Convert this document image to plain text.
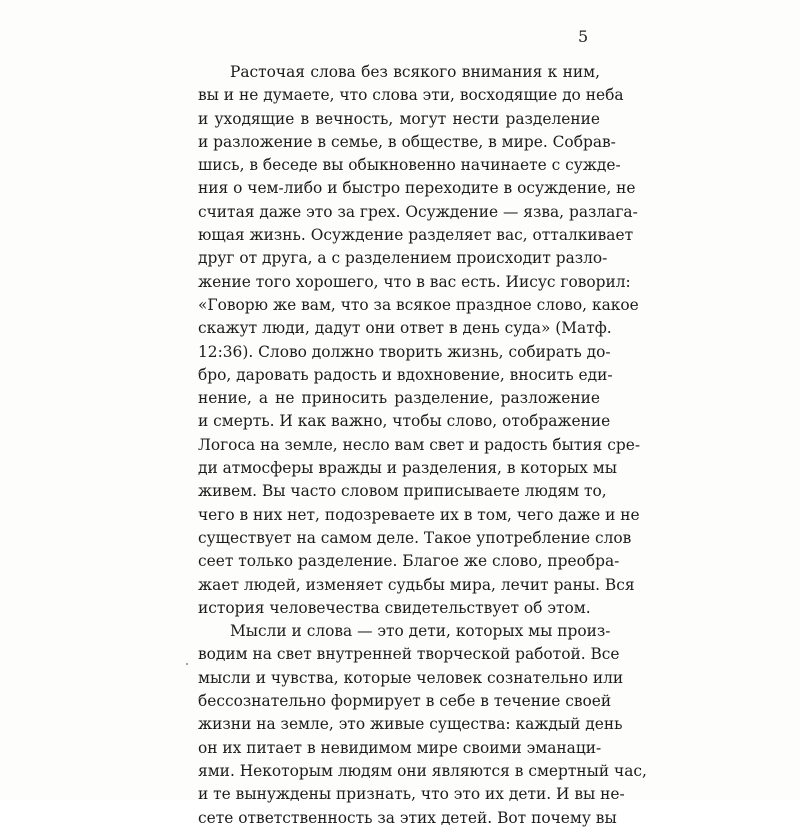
5
Расточая слова без всякого внимания к ним,
вы и не думаете, что слова эти, восходящие до неба
и уходящие в вечность, могут нести разделение
и разложение в семье, в обществе, в мире. Собрав-
шись, в беседе вы обыкновенно начинаете с сужде-
ния о чем-либо и быстро переходите в осуждение, не
считая даже это за грех. Осуждение — язва, разлага-
ющая жизнь. Осуждение разделяет вас, отталкивает
друг от друга, а с разделением происходит разло-
жение того хорошего, что в вас есть. Иисус говорил:
«Говорю же вам, что за всякое праздное слово, какое
скажут люди, дадут они ответ в день суда» (Матф.
12:36). Слово должно творить жизнь, собирать до-
бро, даровать радость и вдохновение, вносить еди-
нение, а не приносить разделение, разложение
и смерть. И как важно, чтобы слово, отображение
Логоса на земле, несло вам свет и радость бытия сре-
ди атмосферы вражды и разделения, в которых мы
живем. Вы часто словом приписываете людям то,
чего в них нет, подозреваете их в том, чего даже и не
существует на самом деле. Такое употребление слов
сеет только разделение. Благое же слово, преобра-
жает людей, изменяет судьбы мира, лечит раны. Вся
история человечества свидетельствует об этом.
Мысли и слова — это дети, которых мы произ-
водим на свет внутренней творческой работой. Все
мысли и чувства, которые человек сознательно или
бессознательно формирует в себе в течение своей
жизни на земле, это живые существа: каждый день
он их питает в невидимом мире своими эманаци-
ями. Некоторым людям они являются в смертный час,
и те вынуждены признать, что это их дети. И вы не-
сете ответственность за этих детей. Вот почему вы
